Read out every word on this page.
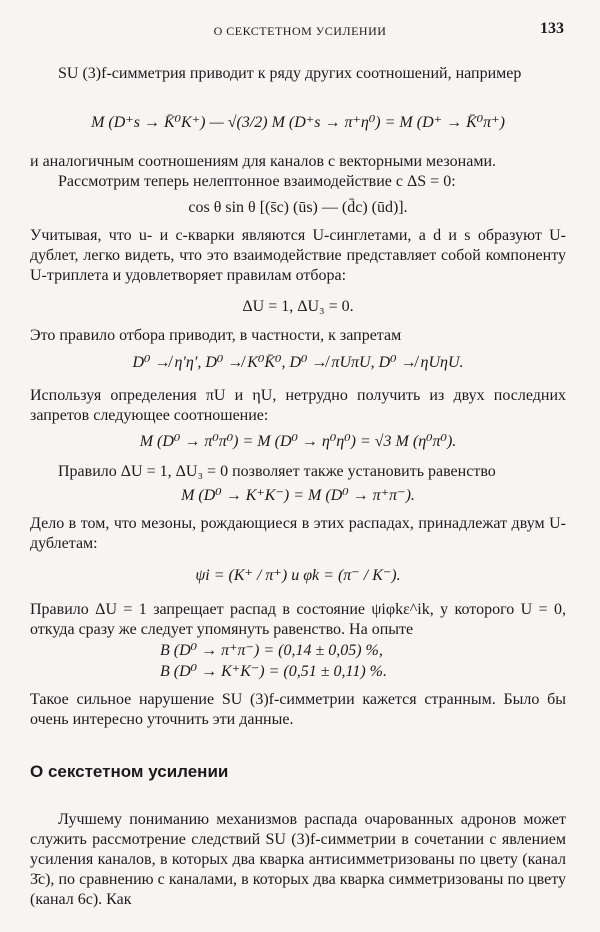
О СЕКСТЕТНОМ УСИЛЕНИИ	133
SU (3)f-симметрия приводит к ряду других соотношений, например
M (D⁺s → K̄⁰K⁺) — √(3/2) M (D⁺s → π⁺η⁰) = M (D⁺ → K̄⁰π⁺)
и аналогичным соотношениям для каналов с векторными мезонами.
Рассмотрим теперь нелептонное взаимодействие с ΔS = 0:
cos θ sin θ [(s̄c) (ūs) — (d̄c) (ūd)].
Учитывая, что u- и c-кварки являются U-синглетами, а d и s образуют U-дублет, легко видеть, что это взаимодействие представляет собой компоненту U-триплета и удовлетворяет правилам отбора:
ΔU = 1, ΔU₃ = 0.
Это правило отбора приводит, в частности, к запретам
D⁰ ↛ η′η′, D⁰ ↛ K⁰K̄⁰, D⁰ ↛ πUπU, D⁰ ↛ ηUηU.
Используя определения πU и ηU, нетрудно получить из двух последних запретов следующее соотношение:
M (D⁰ → π⁰π⁰) = M (D⁰ → η⁰η⁰) = √3 M (η⁰π⁰).
Правило ΔU = 1, ΔU₃ = 0 позволяет также установить равенство
M (D⁰ → K⁺K⁻) = M (D⁰ → π⁺π⁻).
Дело в том, что мезоны, рождающиеся в этих распадах, принадлежат двум U-дублетам:
ψi = (K⁺ / π⁺) и φk = (π⁻ / K⁻).
Правило ΔU = 1 запрещает распад в состояние ψiφkε^ik, у которого U = 0, откуда сразу же следует упомянуть равенство. На опыте
B (D⁰ → π⁺π⁻) = (0,14 ± 0,05) %,
B (D⁰ → K⁺K⁻) = (0,51 ± 0,11) %.
Такое сильное нарушение SU (3)f-симметрии кажется странным. Было бы очень интересно уточнить эти данные.
О секстетном усилении
Лучшему пониманию механизмов распада очарованных адронов может служить рассмотрение следствий SU (3)f-симметрии в сочетании с явлением усиления каналов, в которых два кварка антисимметризованы по цвету (канал 3̄c), по сравнению с каналами, в которых два кварка симметризованы по цвету (канал 6c). Как
